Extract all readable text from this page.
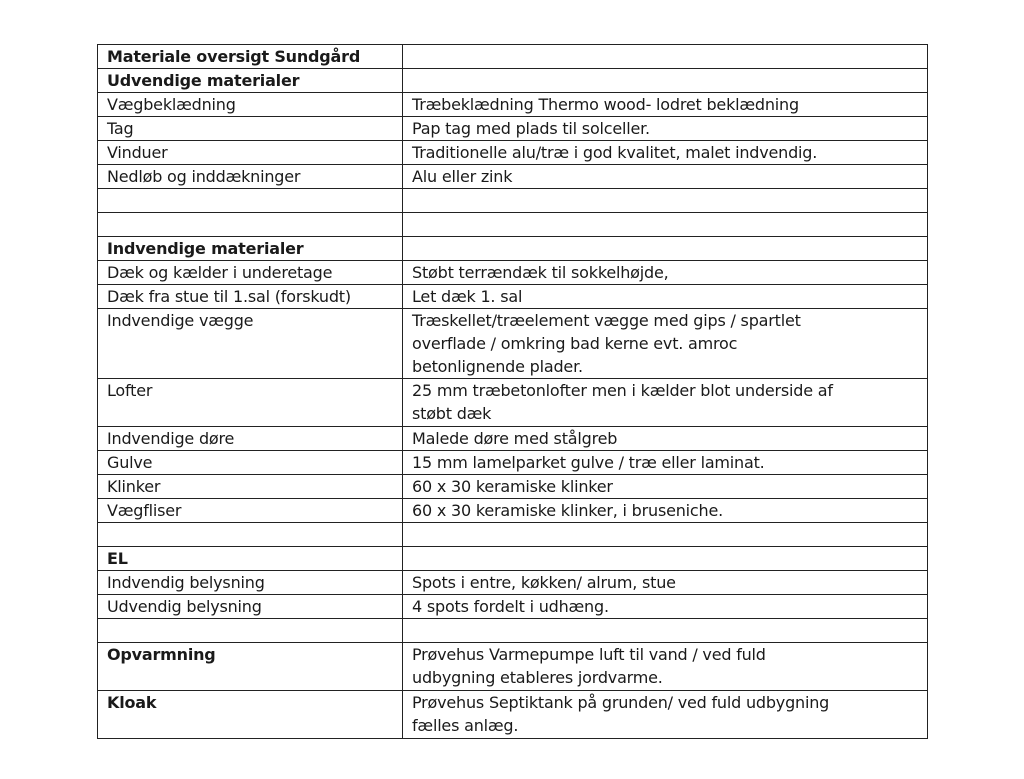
Materiale oversigt Sundgård	
Udvendige materialer	
Vægbeklædning	Træbeklædning Thermo wood- lodret beklædning
Tag	Pap tag med plads til solceller.
Vinduer	Traditionelle alu/træ i god kvalitet, malet indvendig.
Nedløb og inddækninger	Alu eller zink

Indvendige materialer	
Dæk og kælder i underetage	Støbt terrændæk til sokkelhøjde,
Dæk fra stue til 1.sal (forskudt)	Let dæk 1. sal
Indvendige vægge	Træskellet/træelement vægge med gips / spartlet
overflade / omkring bad kerne evt. amroc
betonlignende plader.

Lofter	25 mm træbetonlofter men i kælder blot underside af
støbt dæk

Indvendige døre	Malede døre med stålgreb
Gulve	15 mm lamelparket gulve / træ eller laminat.
Klinker	60 x 30 keramiske klinker
Vægfliser	60 x 30 keramiske klinker, i bruseniche.

EL	
Indvendig belysning	Spots i entre, køkken/ alrum, stue
Udvendig belysning	4 spots fordelt i udhæng.

Opvarmning	Prøvehus Varmepumpe luft til vand / ved fuld
udbygning etableres jordvarme.

Kloak	Prøvehus Septiktank på grunden/ ved fuld udbygning
fælles anlæg.
